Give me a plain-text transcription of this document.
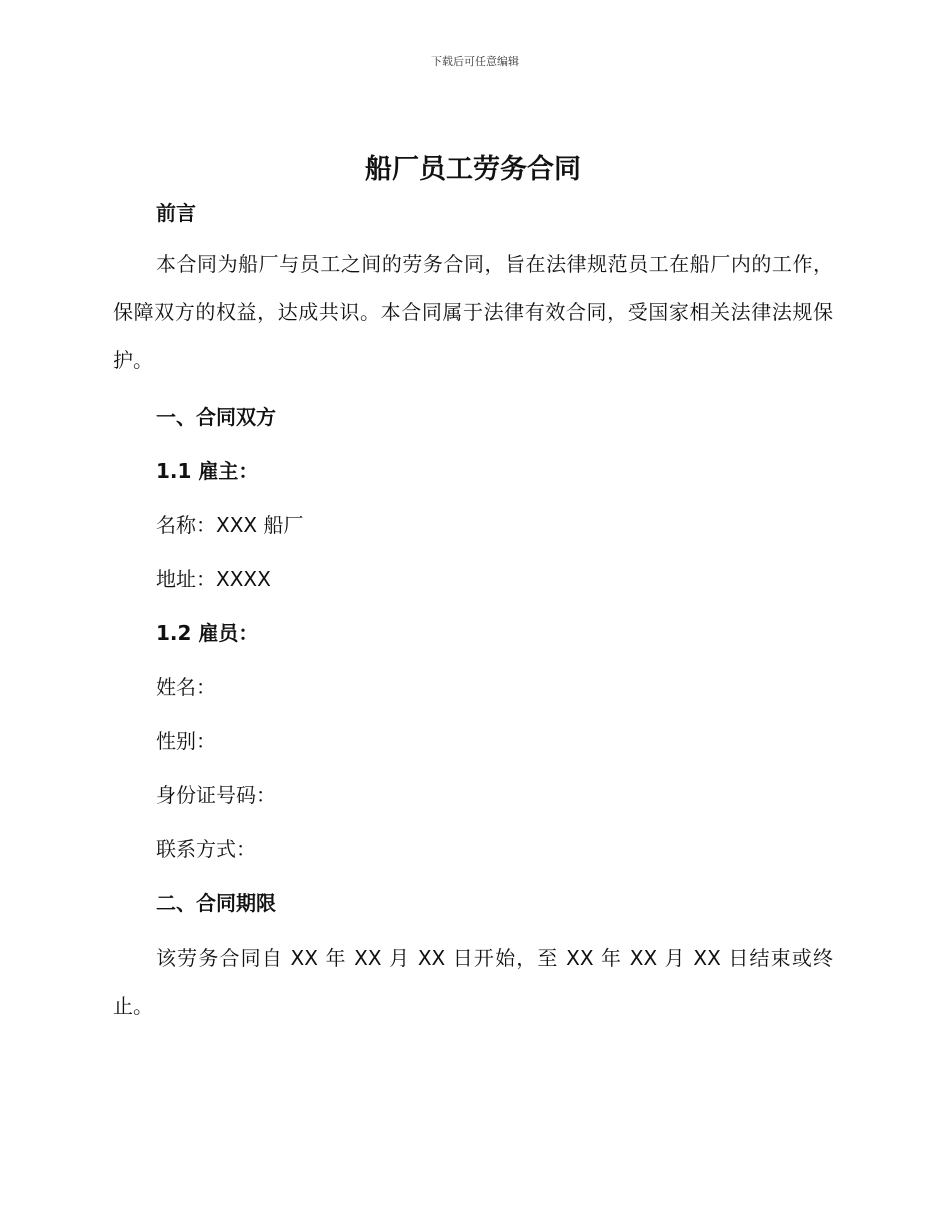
下载后可任意编辑
船厂员工劳务合同

前言

本合同为船厂与员工之间的劳务合同，旨在法律规范员工在船厂内的工作，保障双方的权益，达成共识。本合同属于法律有效合同，受国家相关法律法规保护。

一、合同双方

1.1 雇主：

名称：XXX 船厂

地址：XXXX

1.2 雇员：

姓名：

性别：

身份证号码：

联系方式：

二、合同期限

该劳务合同自 XX 年 XX 月 XX 日开始，至 XX 年 XX 月 XX 日结束或终止。
